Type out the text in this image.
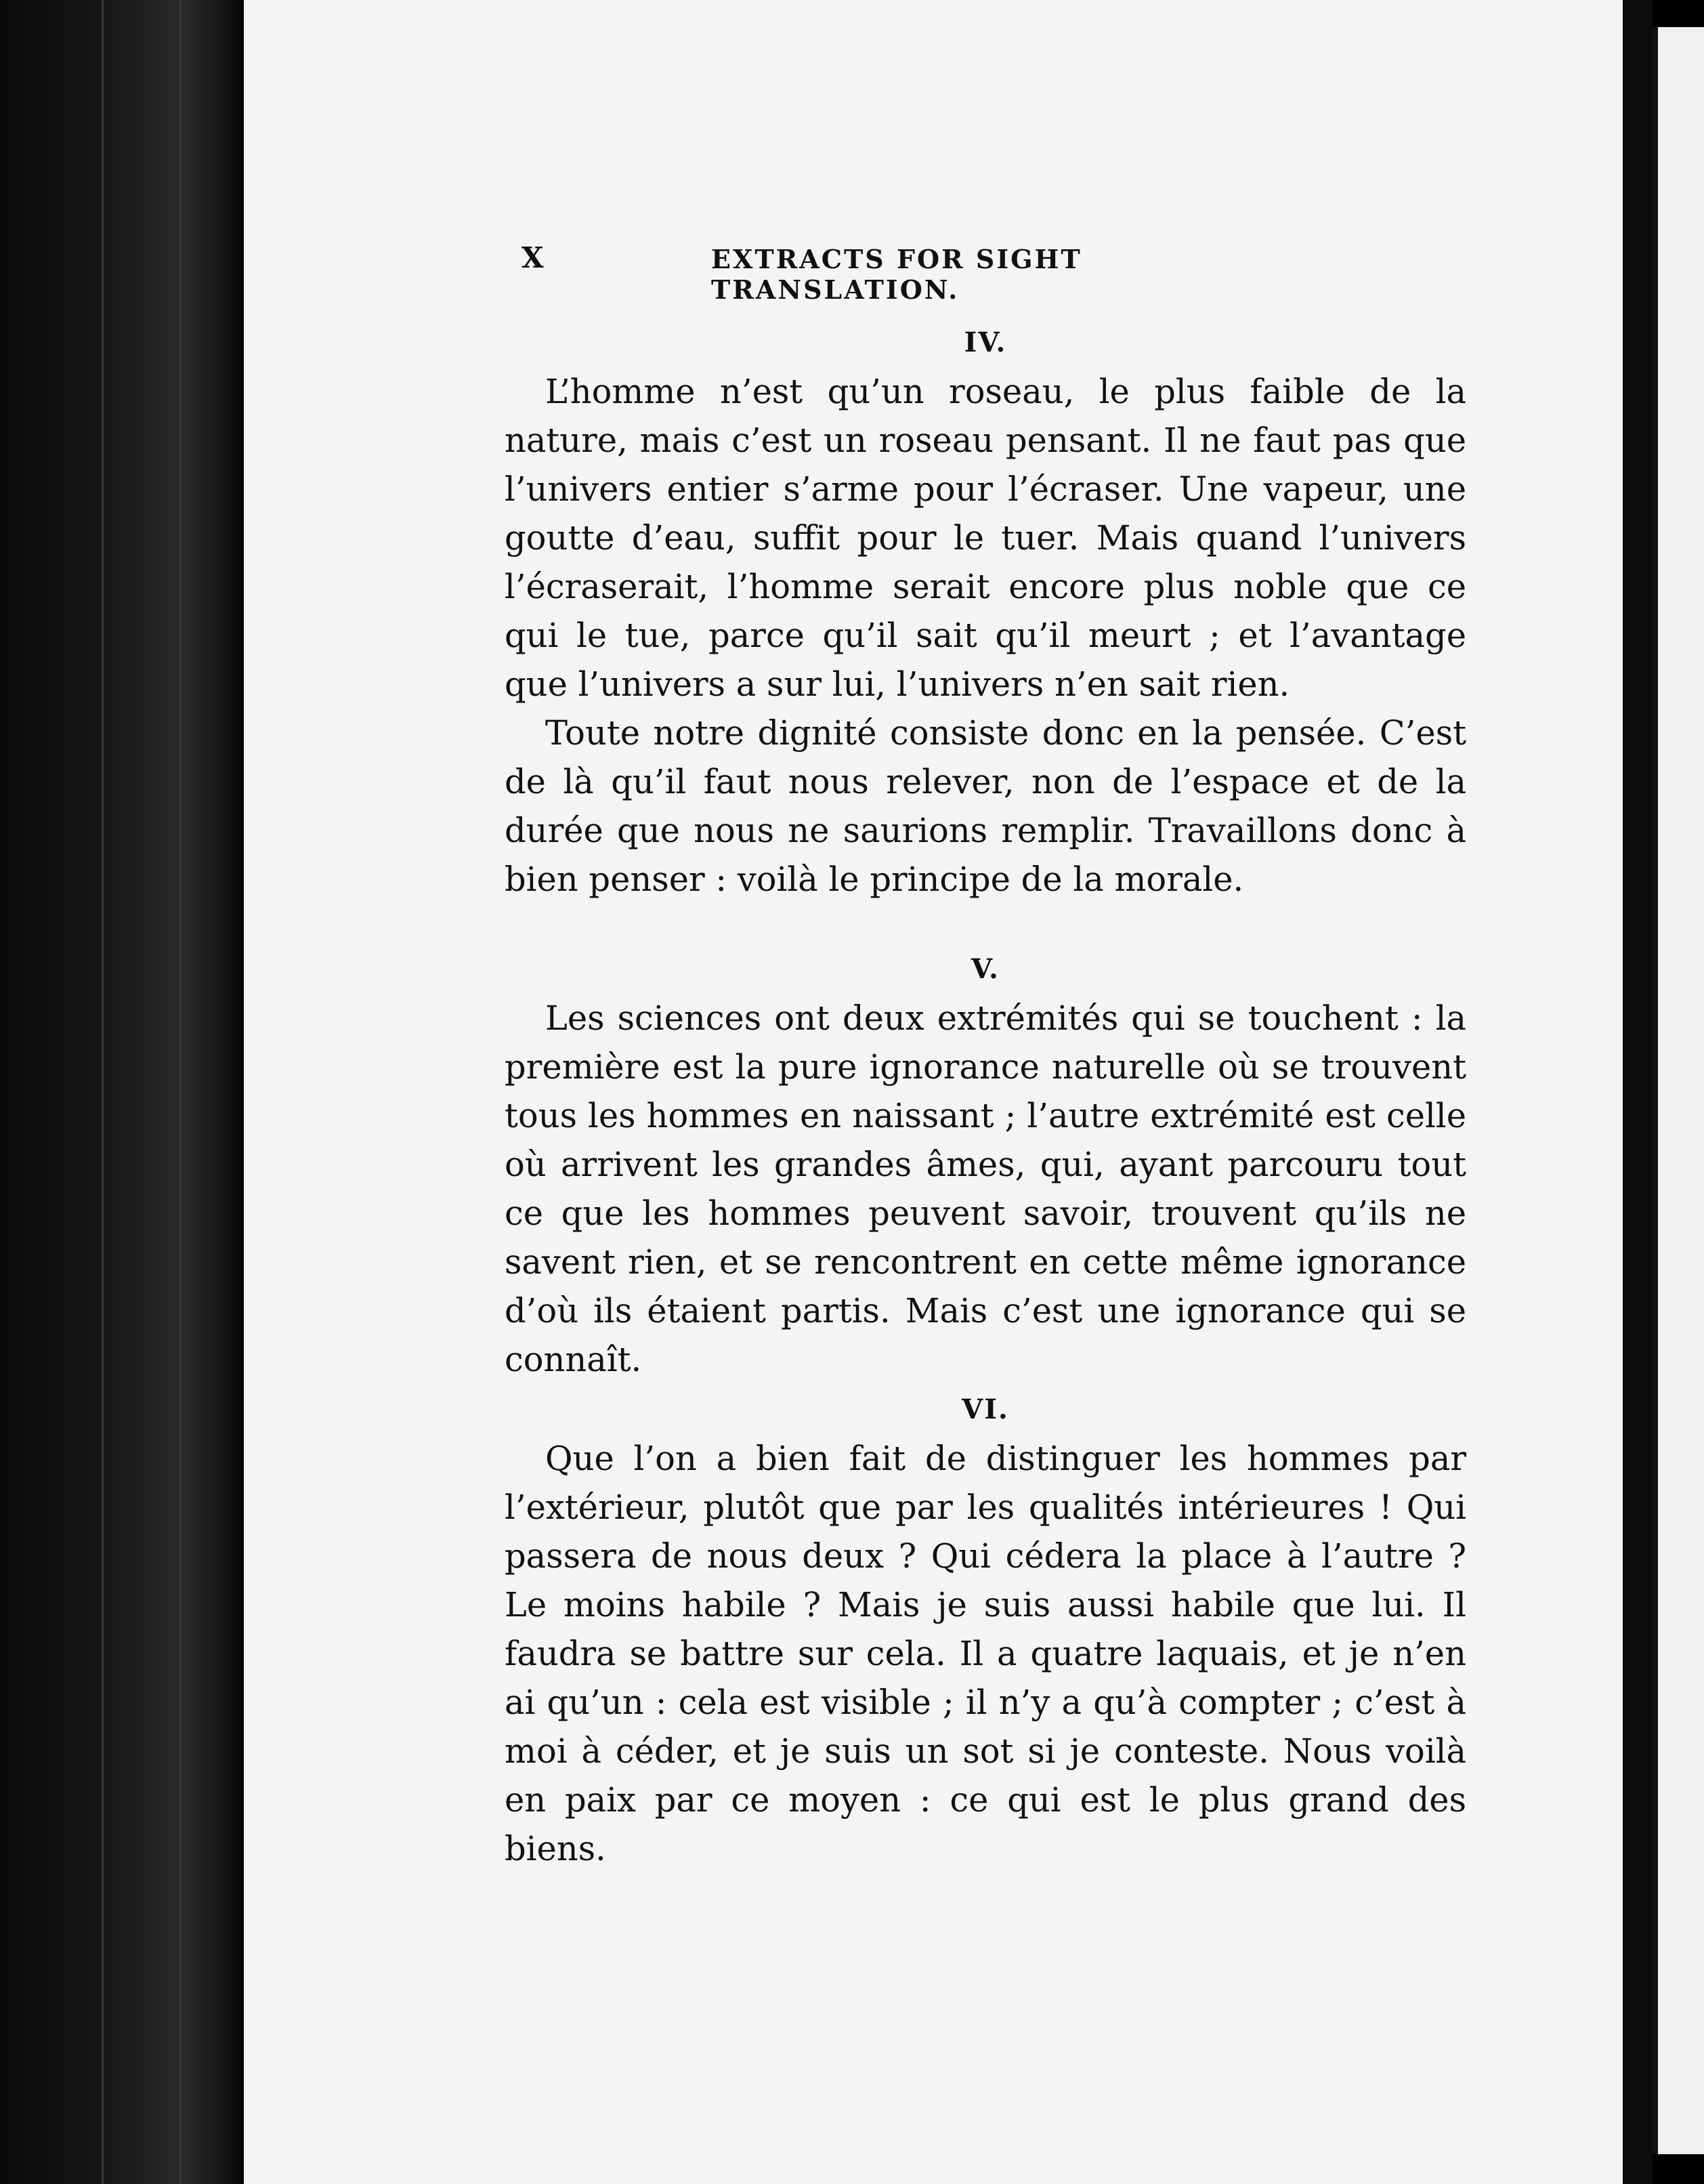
X	EXTRACTS FOR SIGHT TRANSLATION.
IV.

L’homme n’est qu’un roseau, le plus faible de la nature, mais c’est un roseau pensant. Il ne faut pas que l’univers entier s’arme pour l’écraser. Une vapeur, une goutte d’eau, suffit pour le tuer. Mais quand l’univers l’écraserait, l’homme serait encore plus noble que ce qui le tue, parce qu’il sait qu’il meurt ; et l’avantage que l’univers a sur lui, l’univers n’en sait rien.

Toute notre dignité consiste donc en la pensée. C’est de là qu’il faut nous relever, non de l’espace et de la durée que nous ne saurions remplir. Travaillons donc à bien penser : voilà le principe de la morale.

V.

Les sciences ont deux extrémités qui se touchent : la première est la pure ignorance naturelle où se trouvent tous les hommes en naissant ; l’autre extrémité est celle où arrivent les grandes âmes, qui, ayant parcouru tout ce que les hommes peuvent savoir, trouvent qu’ils ne savent rien, et se rencontrent en cette même ignorance d’où ils étaient partis. Mais c’est une ignorance qui se connaît.

VI.

Que l’on a bien fait de distinguer les hommes par l’extérieur, plutôt que par les qualités intérieures ! Qui passera de nous deux ? Qui cédera la place à l’autre ? Le moins habile ? Mais je suis aussi habile que lui. Il faudra se battre sur cela. Il a quatre laquais, et je n’en ai qu’un : cela est visible ; il n’y a qu’à compter ; c’est à moi à céder, et je suis un sot si je conteste. Nous voilà en paix par ce moyen : ce qui est le plus grand des biens.
